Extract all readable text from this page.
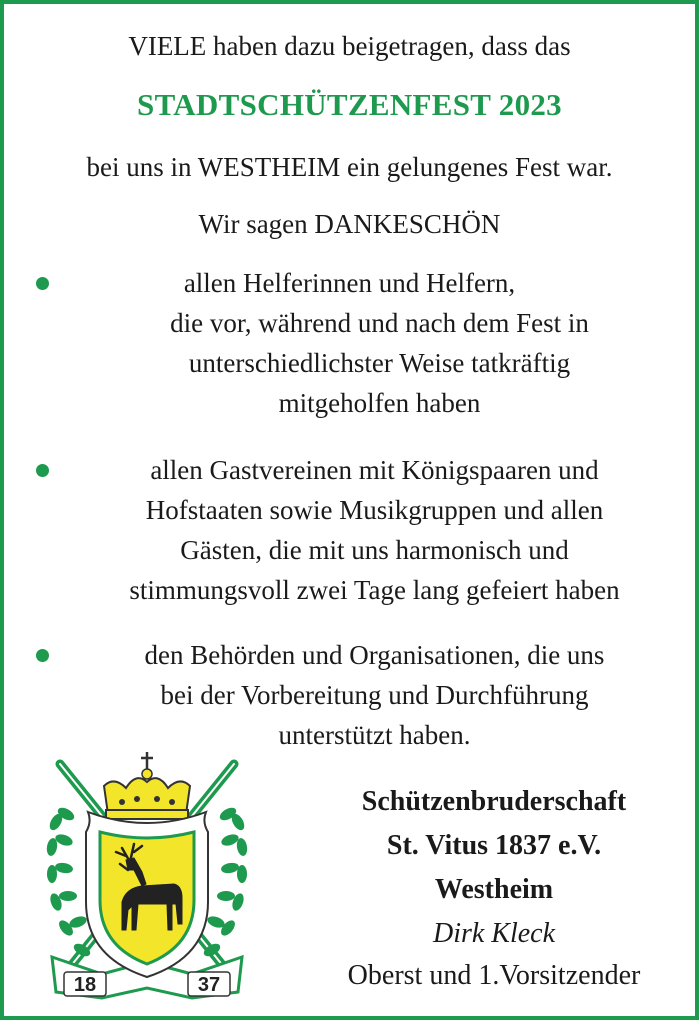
VIELE haben dazu beigetragen, dass das
STADTSCHÜTZENFEST 2023
bei uns in WESTHEIM ein gelungenes Fest war.
Wir sagen DANKESCHÖN
allen Helferinnen und Helfern,
die vor, während und nach dem Fest in
unterschiedlichster Weise tatkräftig
mitgeholfen haben
allen Gastvereinen mit Königspaaren und
Hofstaaten sowie Musikgruppen und allen
Gästen, die mit uns harmonisch und
stimmungsvoll zwei Tage lang gefeiert haben
den Behörden und Organisationen, die uns
bei der Vorbereitung und Durchführung
unterstützt haben.
18	37
Schützenbruderschaft
St. Vitus 1837 e.V.
Westheim
Dirk Kleck
Oberst und 1.Vorsitzender
